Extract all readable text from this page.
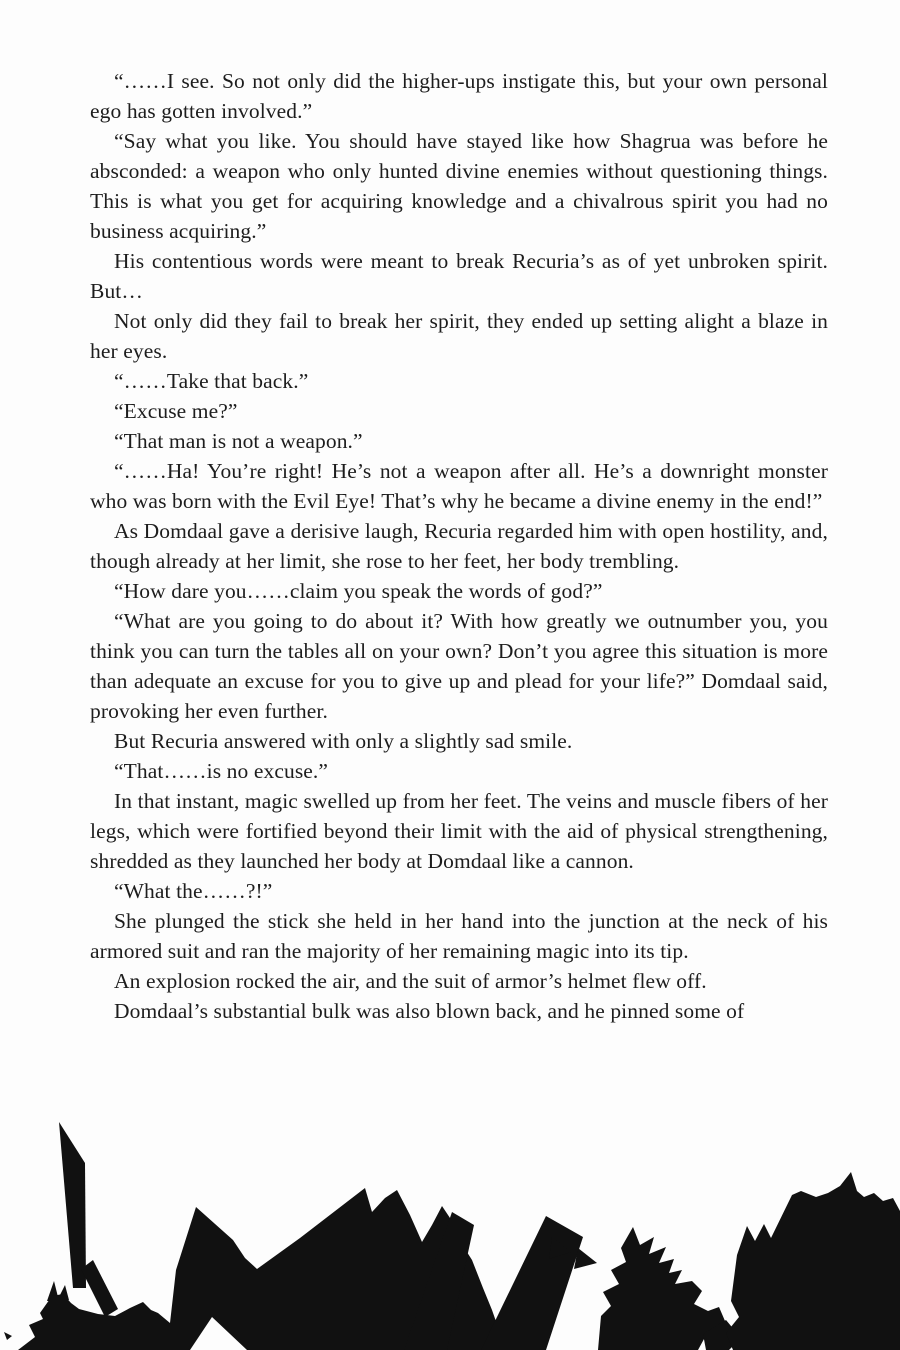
“……I see. So not only did the higher-ups instigate this, but your own personal ego has gotten involved.”

“Say what you like. You should have stayed like how Shagrua was before he absconded: a weapon who only hunted divine enemies without questioning things. This is what you get for acquiring knowledge and a chivalrous spirit you had no business acquiring.”

His contentious words were meant to break Recuria’s as of yet unbroken spirit. But…

Not only did they fail to break her spirit, they ended up setting alight a blaze in her eyes.

“……Take that back.”

“Excuse me?”

“That man is not a weapon.”

“……Ha! You’re right! He’s not a weapon after all. He’s a downright monster who was born with the Evil Eye! That’s why he became a divine enemy in the end!”

As Domdaal gave a derisive laugh, Recuria regarded him with open hostility, and, though already at her limit, she rose to her feet, her body trembling.

“How dare you……claim you speak the words of god?”

“What are you going to do about it? With how greatly we outnumber you, you think you can turn the tables all on your own? Don’t you agree this situation is more than adequate an excuse for you to give up and plead for your life?” Domdaal said, provoking her even further.

But Recuria answered with only a slightly sad smile.

“That……is no excuse.”

In that instant, magic swelled up from her feet. The veins and muscle fibers of her legs, which were fortified beyond their limit with the aid of physical strengthening, shredded as they launched her body at Domdaal like a cannon.

“What the……?!”

She plunged the stick she held in her hand into the junction at the neck of his armored suit and ran the majority of her remaining magic into its tip.

An explosion rocked the air, and the suit of armor’s helmet flew off.

Domdaal’s substantial bulk was also blown back, and he pinned some of
